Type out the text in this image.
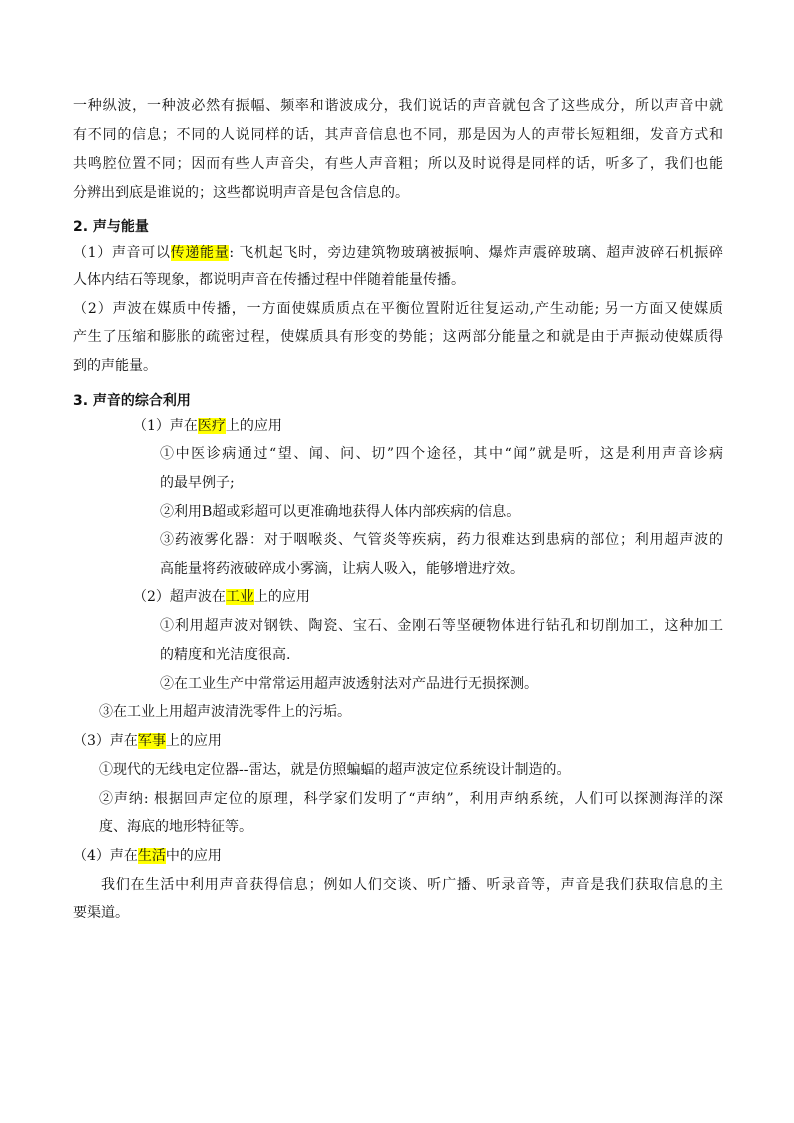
一种纵波，一种波必然有振幅、频率和谐波成分，我们说话的声音就包含了这些成分，所以声音中就
有不同的信息；不同的人说同样的话，其声音信息也不同，那是因为人的声带长短粗细，发音方式和
共鸣腔位置不同；因而有些人声音尖，有些人声音粗；所以及时说得是同样的话，听多了，我们也能
分辨出到底是谁说的；这些都说明声音是包含信息的。
2. 声与能量
（1）声音可以传递能量: 飞机起飞时，旁边建筑物玻璃被振响、爆炸声震碎玻璃、超声波碎石机振碎
人体内结石等现象，都说明声音在传播过程中伴随着能量传播。
（2）声波在媒质中传播，一方面使媒质质点在平衡位置附近往复运动,产生动能; 另一方面又使媒质
产生了压缩和膨胀的疏密过程，使媒质具有形变的势能；这两部分能量之和就是由于声振动使媒质得
到的声能量。
3. 声音的综合利用
（1）声在医疗上的应用
①中医诊病通过“望、闻、问、切”四个途径，其中“闻”就是听，这是利用声音诊病
的最早例子;
②利用B超或彩超可以更准确地获得人体内部疾病的信息。
③药液雾化器：对于咽喉炎、气管炎等疾病，药力很难达到患病的部位；利用超声波的
高能量将药液破碎成小雾滴，让病人吸入，能够增进疗效。
（2）超声波在工业上的应用
①利用超声波对钢铁、陶瓷、宝石、金刚石等坚硬物体进行钻孔和切削加工，这种加工
的精度和光洁度很高.
②在工业生产中常常运用超声波透射法对产品进行无损探测。
③在工业上用超声波清洗零件上的污垢。
（3）声在军事上的应用
①现代的无线电定位器--雷达，就是仿照蝙蝠的超声波定位系统设计制造的。
②声纳: 根据回声定位的原理，科学家们发明了“声纳”，利用声纳系统，人们可以探测海洋的深
度、海底的地形特征等。
（4）声在生活中的应用
我们在生活中利用声音获得信息；例如人们交谈、听广播、听录音等，声音是我们获取信息的主
要渠道。
